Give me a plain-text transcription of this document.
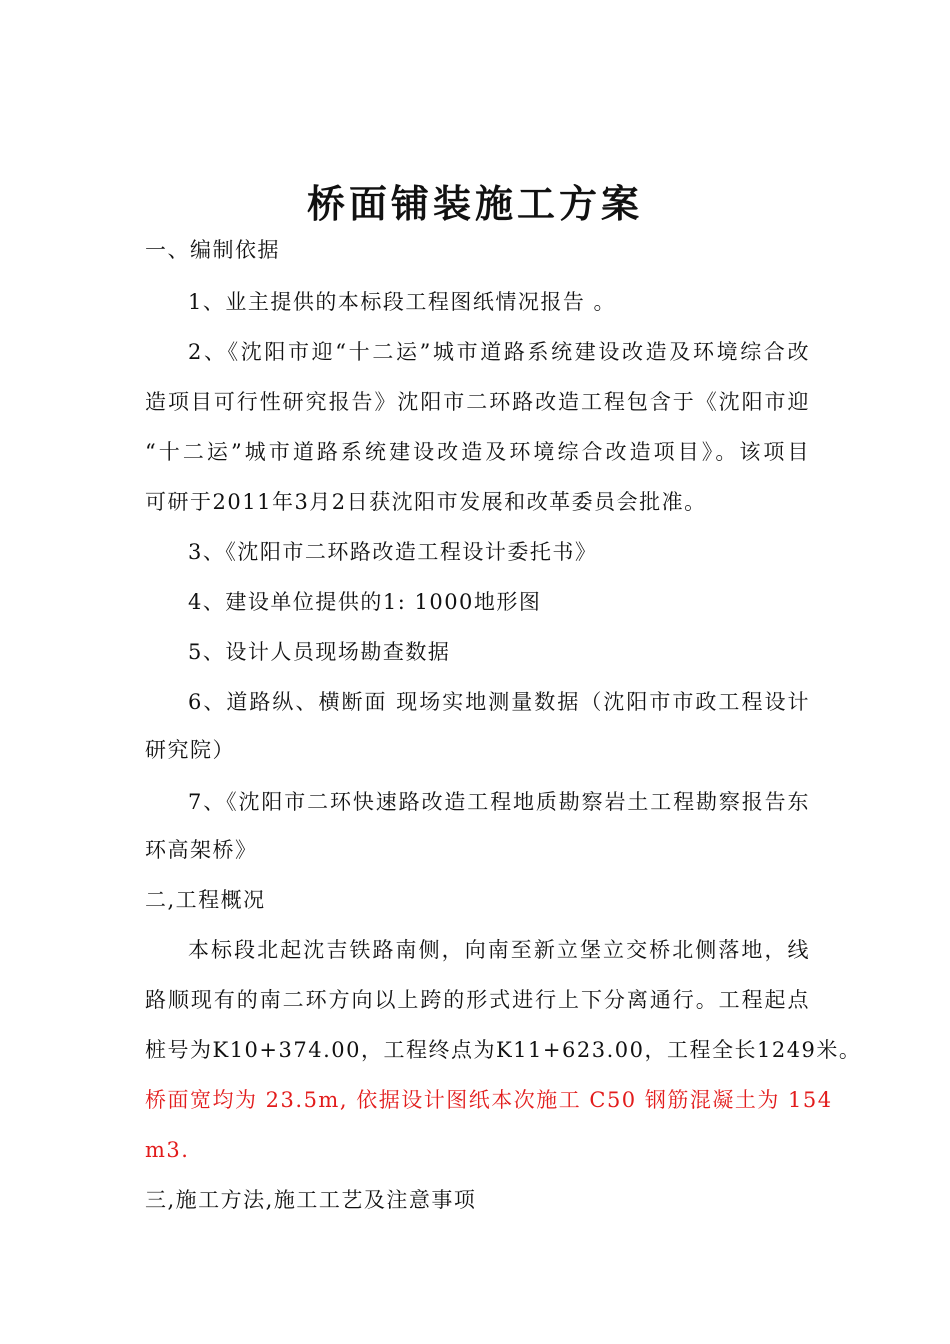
桥面铺装施工方案
一、编制依据
1、业主提供的本标段工程图纸情况报告 。
2、《沈阳市迎“十二运”城市道路系统建设改造及环境综合改
造项目可行性研究报告》沈阳市二环路改造工程包含于《沈阳市迎
“十二运”城市道路系统建设改造及环境综合改造项目》。该项目
可研于2011年3月2日获沈阳市发展和改革委员会批准。
3、《沈阳市二环路改造工程设计委托书》
4、建设单位提供的1: 1000地形图
5、设计人员现场勘查数据
6、道路纵、横断面 现场实地测量数据（沈阳市市政工程设计
研究院）
7、《沈阳市二环快速路改造工程地质勘察岩土工程勘察报告东
环高架桥》
二,工程概况
本标段北起沈吉铁路南侧，向南至新立堡立交桥北侧落地，线
路顺现有的南二环方向以上跨的形式进行上下分离通行。工程起点
桩号为K10+374.00，工程终点为K11+623.00，工程全长1249米。
桥面宽均为 23.5m, 依据设计图纸本次施工 C50 钢筋混凝土为 154
m3.
三,施工方法,施工工艺及注意事项
